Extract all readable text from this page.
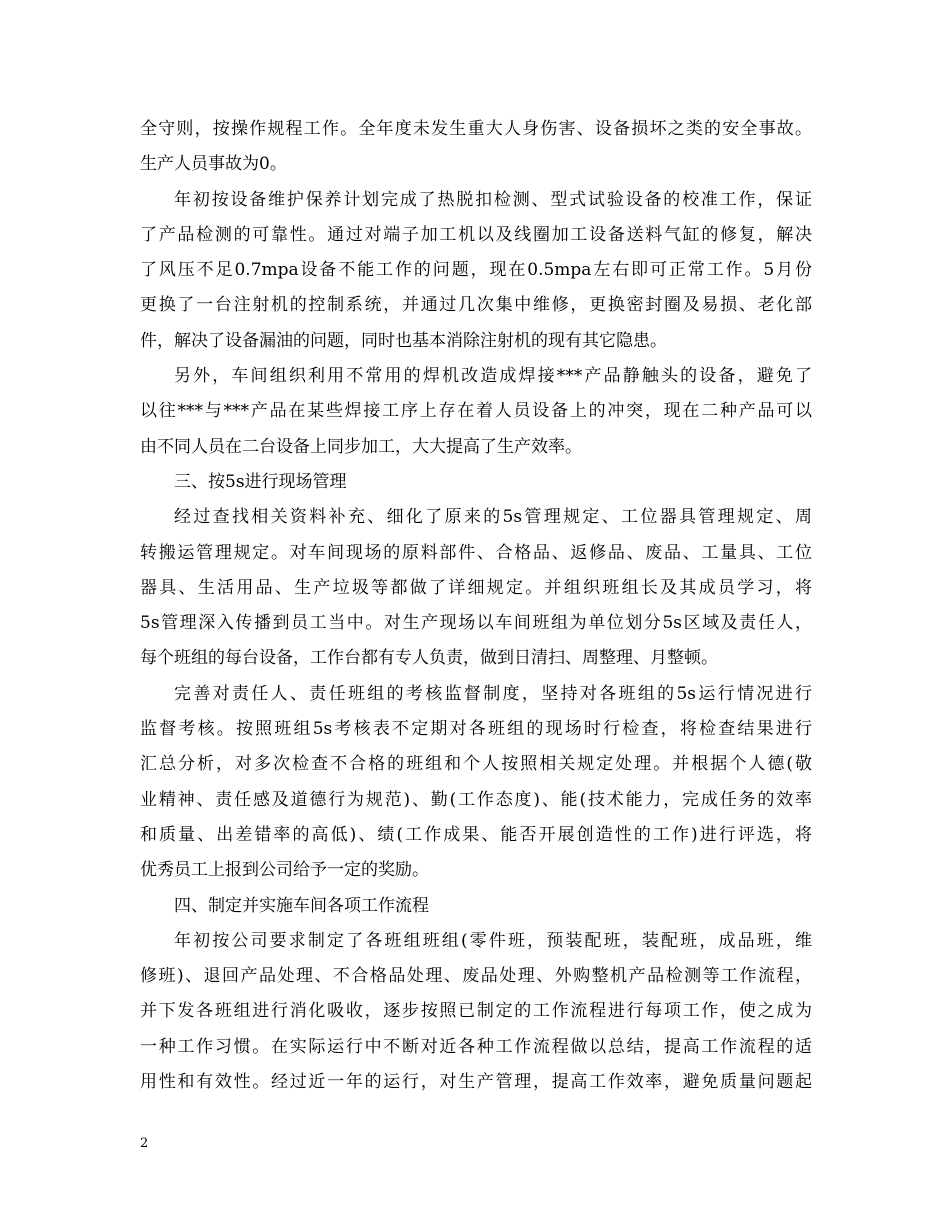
全守则，按操作规程工作。全年度未发生重大人身伤害、设备损坏之类的安全事故。
生产人员事故为0。
年初按设备维护保养计划完成了热脱扣检测、型式试验设备的校准工作，保证
了产品检测的可靠性。通过对端子加工机以及线圈加工设备送料气缸的修复，解决
了风压不足0.7mpa设备不能工作的问题，现在0.5mpa左右即可正常工作。5月份
更换了一台注射机的控制系统，并通过几次集中维修，更换密封圈及易损、老化部
件，解决了设备漏油的问题，同时也基本消除注射机的现有其它隐患。
另外，车间组织利用不常用的焊机改造成焊接***产品静触头的设备，避免了
以往***与***产品在某些焊接工序上存在着人员设备上的冲突，现在二种产品可以
由不同人员在二台设备上同步加工，大大提高了生产效率。
三、按5s进行现场管理
经过查找相关资料补充、细化了原来的5s管理规定、工位器具管理规定、周
转搬运管理规定。对车间现场的原料部件、合格品、返修品、废品、工量具、工位
器具、生活用品、生产垃圾等都做了详细规定。并组织班组长及其成员学习，将
5s管理深入传播到员工当中。对生产现场以车间班组为单位划分5s区域及责任人，
每个班组的每台设备，工作台都有专人负责，做到日清扫、周整理、月整顿。
完善对责任人、责任班组的考核监督制度，坚持对各班组的5s运行情况进行
监督考核。按照班组5s考核表不定期对各班组的现场时行检查，将检查结果进行
汇总分析，对多次检查不合格的班组和个人按照相关规定处理。并根据个人德(敬
业精神、责任感及道德行为规范)、勤(工作态度)、能(技术能力，完成任务的效率
和质量、出差错率的高低)、绩(工作成果、能否开展创造性的工作)进行评选，将
优秀员工上报到公司给予一定的奖励。
四、制定并实施车间各项工作流程
年初按公司要求制定了各班组班组(零件班，预装配班，装配班，成品班，维
修班)、退回产品处理、不合格品处理、废品处理、外购整机产品检测等工作流程，
并下发各班组进行消化吸收，逐步按照已制定的工作流程进行每项工作，使之成为
一种工作习惯。在实际运行中不断对近各种工作流程做以总结，提高工作流程的适
用性和有效性。经过近一年的运行，对生产管理，提高工作效率，避免质量问题起
2
